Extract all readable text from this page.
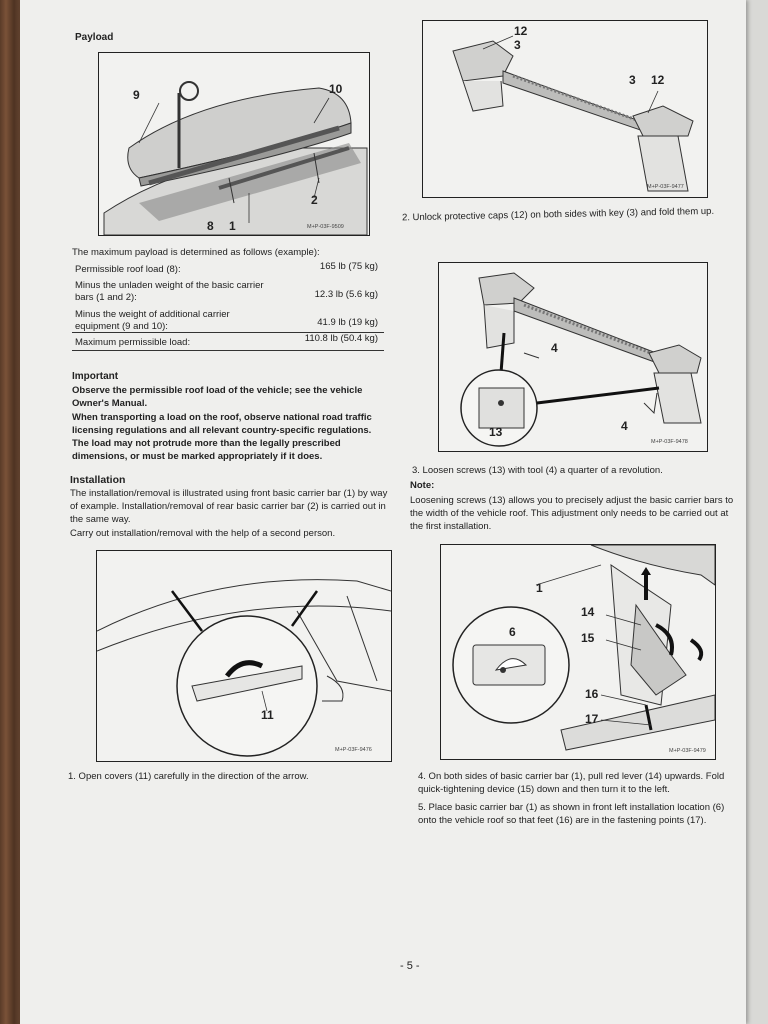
Payload
9	10
2
8 1	M+P-03F-9509
The maximum payload is determined as follows (example):
Permissible roof load (8):	165 lb (75 kg)
Minus the unladen weight of the basic carrier bars (1 and 2):	12.3 lb (5.6 kg)
Minus the weight of additional carrier equipment (9 and 10):	41.9 lb (19 kg)
Maximum permissible load:	110.8 lb (50.4 kg)
Important
Observe the permissible roof load of the vehicle; see the vehicle Owner's Manual.
When transporting a load on the roof, observe national road traffic licensing regulations and all relevant country-specific regulations. The load may not protrude more than the legally prescribed dimensions, or must be marked appropriately if it does.
Installation
The installation/removal is illustrated using front basic carrier bar (1) by way of example. Installation/removal of rear basic carrier bar (2) is carried out in the same way.
Carry out installation/removal with the help of a second person.
11
M+P-03F-9476
1. Open covers (11) carefully in the direction of the arrow.
12
3
3 12
M+P-03F-9477
2. Unlock protective caps (12) on both sides with key (3) and fold them up.
4
13	4
M+P-03F-9478
3. Loosen screws (13) with tool (4) a quarter of a revolution.
Note:
Loosening screws (13) allows you to precisely adjust the basic carrier bars to the width of the vehicle roof. This adjustment only needs to be carried out at the first installation.
1
14
6	15
16
17
M+P-03F-9479
4. On both sides of basic carrier bar (1), pull red lever (14) upwards. Fold quick-tightening device (15) down and then turn it to the left.
5. Place basic carrier bar (1) as shown in front left installation location (6) onto the vehicle roof so that feet (16) are in the fastening points (17).
- 5 -
